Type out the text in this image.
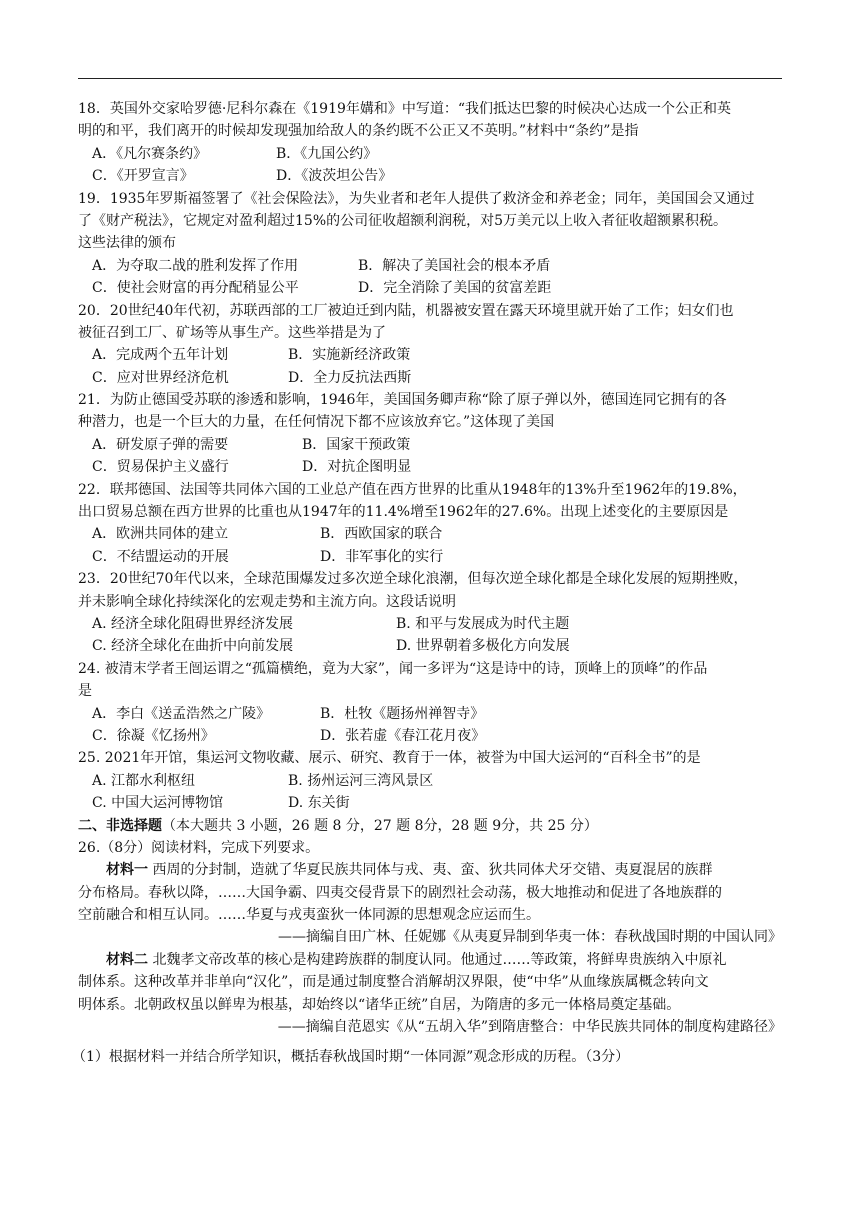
18．英国外交家哈罗德·尼科尔森在《1919年媾和》中写道：“我们抵达巴黎的时候决心达成一个公正和英
明的和平，我们离开的时候却发现强加给敌人的条约既不公正又不英明。”材料中“条约”是指
A．《凡尔赛条约》	B．《九国公约》
C．《开罗宣言》	D．《波茨坦公告》
19．1935年罗斯福签署了《社会保险法》，为失业者和老年人提供了救济金和养老金；同年，美国国会又通过
了《财产税法》，它规定对盈利超过15%的公司征收超额利润税，对5万美元以上收入者征收超额累积税。
这些法律的颁布
A．为夺取二战的胜利发挥了作用	B．解决了美国社会的根本矛盾
C．使社会财富的再分配稍显公平	D．完全消除了美国的贫富差距
20．20世纪40年代初，苏联西部的工厂被迫迁到内陆，机器被安置在露天环境里就开始了工作；妇女们也
被征召到工厂、矿场等从事生产。这些举措是为了
A．完成两个五年计划	B．实施新经济政策
C．应对世界经济危机	D．全力反抗法西斯
21．为防止德国受苏联的渗透和影响，1946年，美国国务卿声称“除了原子弹以外，德国连同它拥有的各
种潜力，也是一个巨大的力量，在任何情况下都不应该放弃它。”这体现了美国
A．研发原子弹的需要	B．国家干预政策
C．贸易保护主义盛行	D．对抗企图明显
22．联邦德国、法国等共同体六国的工业总产值在西方世界的比重从1948年的13%升至1962年的19.8%，
出口贸易总额在西方世界的比重也从1947年的11.4%增至1962年的27.6%。出现上述变化的主要原因是
A．欧洲共同体的建立	B．西欧国家的联合
C．不结盟运动的开展	D．非军事化的实行
23．20世纪70年代以来，全球范围爆发过多次逆全球化浪潮，但每次逆全球化都是全球化发展的短期挫败，
并未影响全球化持续深化的宏观走势和主流方向。这段话说明
A. 经济全球化阻碍世界经济发展	B. 和平与发展成为时代主题
C. 经济全球化在曲折中向前发展	D. 世界朝着多极化方向发展
24. 被清末学者王闿运谓之“孤篇横绝，竟为大家”，闻一多评为“这是诗中的诗，顶峰上的顶峰”的作品
是
A．李白《送孟浩然之广陵》	B．杜牧《题扬州禅智寺》
C．徐凝《忆扬州》	D．张若虚《春江花月夜》
25. 2021年开馆，集运河文物收藏、展示、研究、教育于一体，被誉为中国大运河的“百科全书”的是
A. 江都水利枢纽	B. 扬州运河三湾风景区
C. 中国大运河博物馆	D. 东关街
二、非选择题（本大题共 3 小题，26 题 8 分，27 题 8分，28 题 9分，共 25 分）
26.（8分）阅读材料，完成下列要求。
材料一 西周的分封制，造就了华夏民族共同体与戎、夷、蛮、狄共同体犬牙交错、夷夏混居的族群
分布格局。春秋以降，……大国争霸、四夷交侵背景下的剧烈社会动荡，极大地推动和促进了各地族群的
空前融合和相互认同。……华夏与戎夷蛮狄一体同源的思想观念应运而生。
——摘编自田广林、任妮娜《从夷夏异制到华夷一体：春秋战国时期的中国认同》
材料二 北魏孝文帝改革的核心是构建跨族群的制度认同。他通过……等政策，将鲜卑贵族纳入中原礼
制体系。这种改革并非单向“汉化”，而是通过制度整合消解胡汉界限，使“中华”从血缘族属概念转向文
明体系。北朝政权虽以鲜卑为根基，却始终以“诸华正统”自居，为隋唐的多元一体格局奠定基础。
——摘编自范恩实《从“五胡入华”到隋唐整合：中华民族共同体的制度构建路径》
（1）根据材料一并结合所学知识，概括春秋战国时期“一体同源”观念形成的历程。（3分）
